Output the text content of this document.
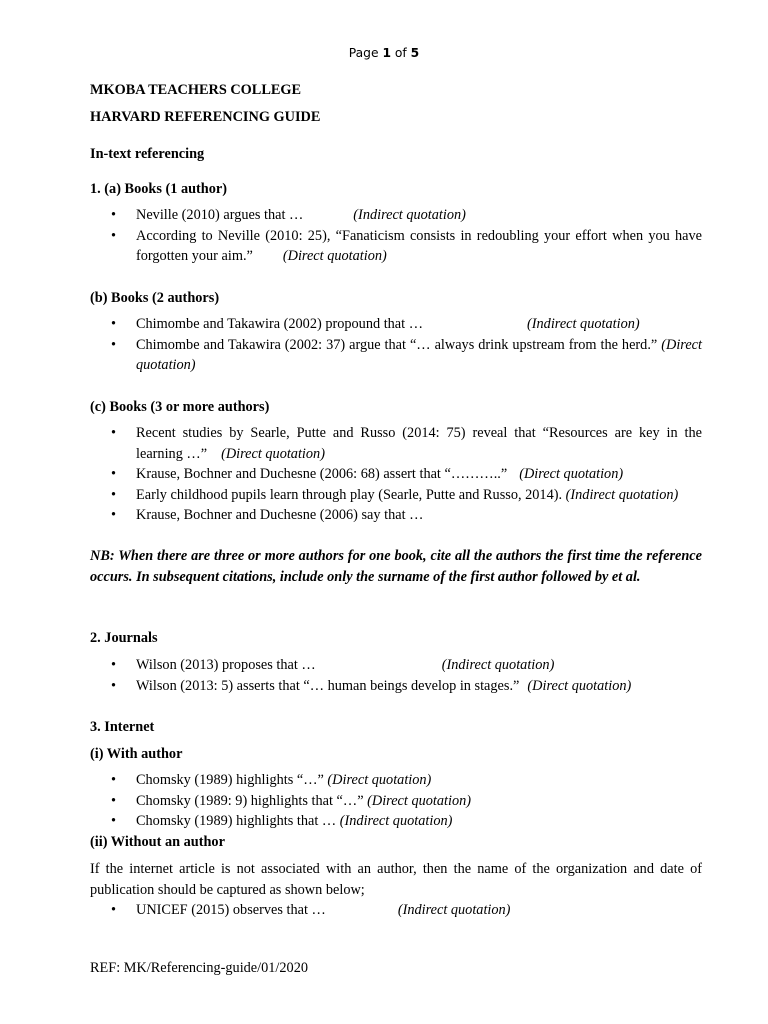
Page 1 of 5
MKOBA TEACHERS COLLEGE
HARVARD REFERENCING GUIDE
In-text referencing
1. (a) Books (1 author)
• Neville (2010) argues that …	(Indirect quotation)
• According to Neville (2010: 25), “Fanaticism consists in redoubling your effort when you have forgotten your aim.” (Direct quotation)
(b) Books (2 authors)
• Chimombe and Takawira (2002) propound that …	(Indirect quotation)
• Chimombe and Takawira (2002: 37) argue that “… always drink upstream from the herd.” (Direct quotation)
(c) Books (3 or more authors)
• Recent studies by Searle, Putte and Russo (2014: 75) reveal that “Resources are key in the learning …” (Direct quotation)
• Krause, Bochner and Duchesne (2006: 68) assert that “………..” (Direct quotation)
• Early childhood pupils learn through play (Searle, Putte and Russo, 2014). (Indirect quotation)
• Krause, Bochner and Duchesne (2006) say that …

NB: When there are three or more authors for one book, cite all the authors the first time the reference occurs. In subsequent citations, include only the surname of the first author followed by et al.

2. Journals
• Wilson (2013) proposes that …	(Indirect quotation)
• Wilson (2013: 5) asserts that “… human beings develop in stages.” (Direct quotation)
3. Internet
(i) With author
• Chomsky (1989) highlights “…” (Direct quotation)
• Chomsky (1989: 9) highlights that “…” (Direct quotation)
• Chomsky (1989) highlights that … (Indirect quotation)
(ii) Without an author

If the internet article is not associated with an author, then the name of the organization and date of publication should be captured as shown below;

• UNICEF (2015) observes that …	(Indirect quotation)
REF: MK/Referencing-guide/01/2020
